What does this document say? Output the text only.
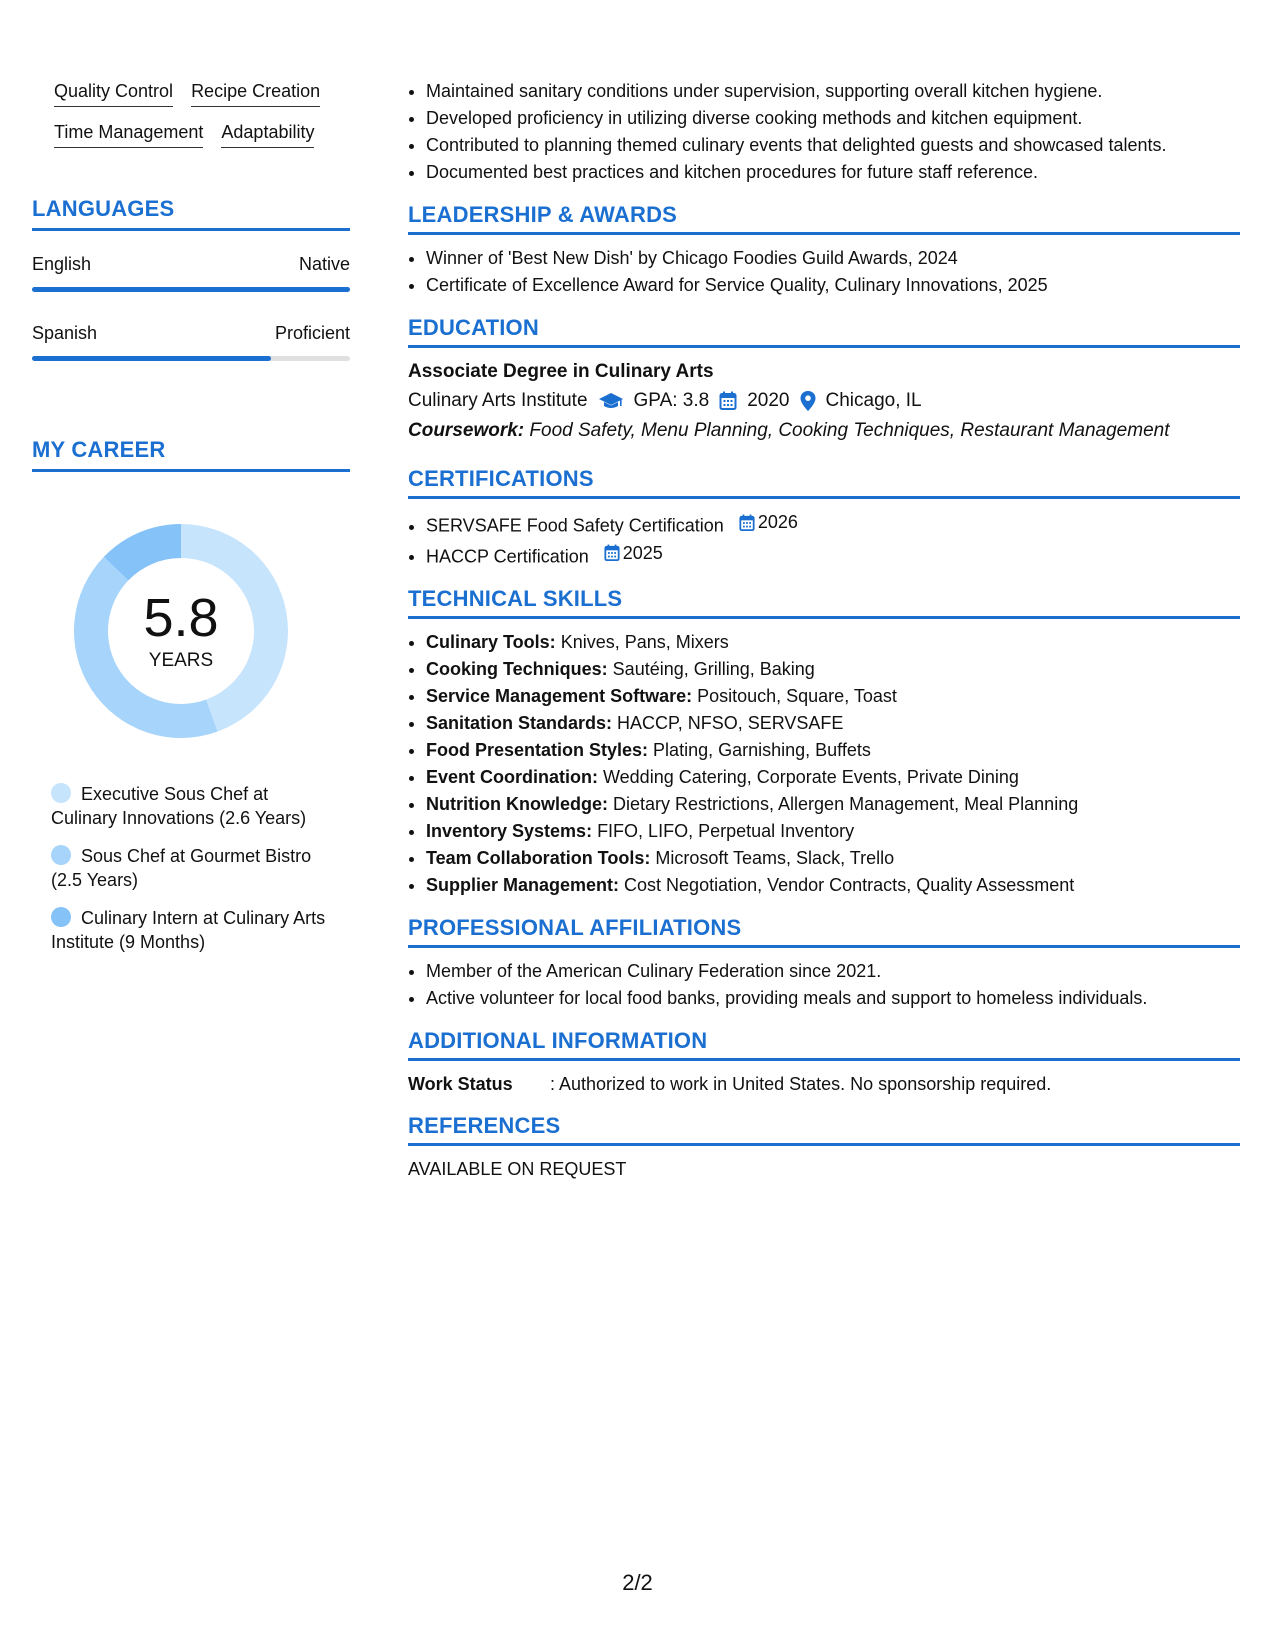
Quality Control Recipe Creation
Time Management Adaptability
LANGUAGES
English	Native
Spanish	Proficient
MY CAREER
5.8
YEARS
Executive Sous Chef at Culinary Innovations (2.6 Years)
Sous Chef at Gourmet Bistro (2.5 Years)
Culinary Intern at Culinary Arts Institute (9 Months)
• Maintained sanitary conditions under supervision, supporting overall kitchen hygiene.
• Developed proficiency in utilizing diverse cooking methods and kitchen equipment.
• Contributed to planning themed culinary events that delighted guests and showcased talents.
• Documented best practices and kitchen procedures for future staff reference.
LEADERSHIP & AWARDS
• Winner of 'Best New Dish' by Chicago Foodies Guild Awards, 2024
• Certificate of Excellence Award for Service Quality, Culinary Innovations, 2025
EDUCATION
Associate Degree in Culinary Arts
Culinary Arts Institute GPA: 3.8 2020 Chicago, IL
Coursework: Food Safety, Menu Planning, Cooking Techniques, Restaurant Management
CERTIFICATIONS
• SERVSAFE Food Safety Certification 2026
• HACCP Certification 2025
TECHNICAL SKILLS
• Culinary Tools: Knives, Pans, Mixers
• Cooking Techniques: Sautéing, Grilling, Baking
• Service Management Software: Positouch, Square, Toast
• Sanitation Standards: HACCP, NFSO, SERVSAFE
• Food Presentation Styles: Plating, Garnishing, Buffets
• Event Coordination: Wedding Catering, Corporate Events, Private Dining
• Nutrition Knowledge: Dietary Restrictions, Allergen Management, Meal Planning
• Inventory Systems: FIFO, LIFO, Perpetual Inventory
• Team Collaboration Tools: Microsoft Teams, Slack, Trello
• Supplier Management: Cost Negotiation, Vendor Contracts, Quality Assessment
PROFESSIONAL AFFILIATIONS
• Member of the American Culinary Federation since 2021.
• Active volunteer for local food banks, providing meals and support to homeless individuals.
ADDITIONAL INFORMATION
Work Status	: Authorized to work in United States. No sponsorship required.
REFERENCES
AVAILABLE ON REQUEST
2/2
